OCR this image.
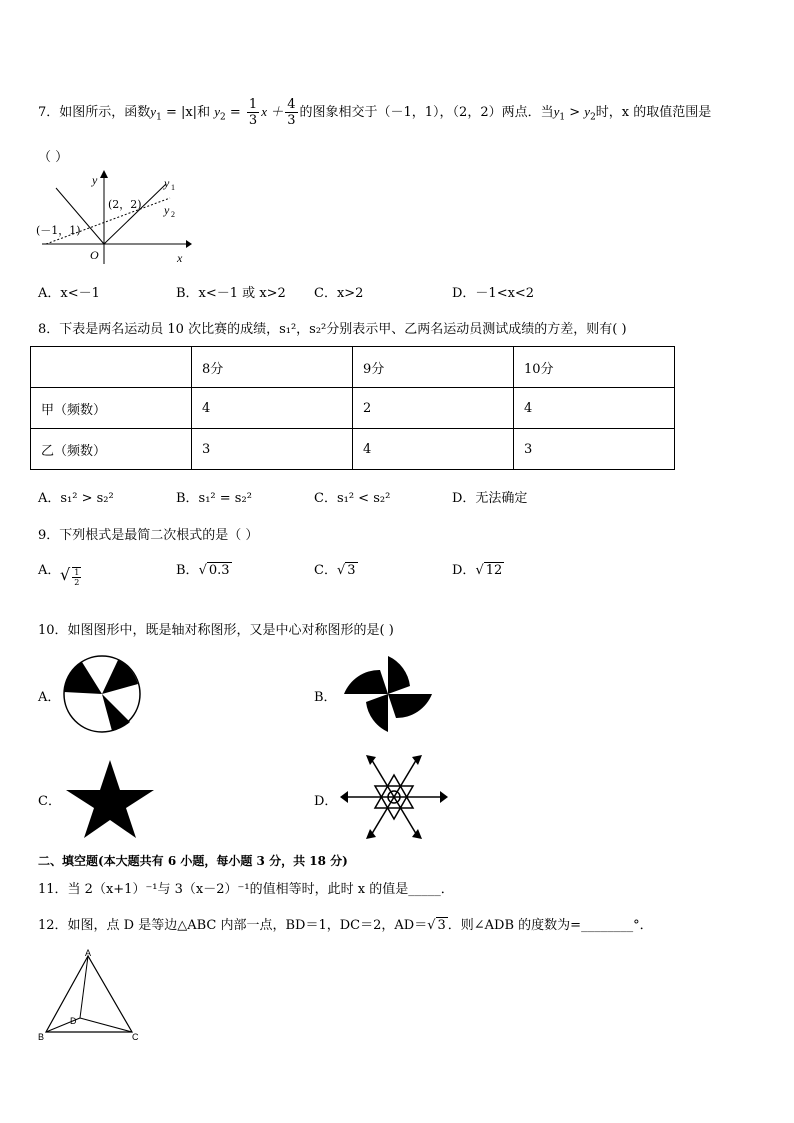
7．如图所示，函数$y_1 = |x|$和 $y_2 = \frac{1}{3}$ $x + \frac{4}{3}$ 的图象相交于（－1，1），（2，2）两点．当$y_1 > y_2$时，x 的取值范围是
（ ）
y
x
O
y 1
y 2
(2，2)
(－1，1)
A．x<－1	B．x<－1 或 x>2 C．x>2	D．－1<x<2
8．下表是两名运动员 10 次比赛的成绩，s₁²，s₂²分别表示甲、乙两名运动员测试成绩的方差，则有( )
	8分	9分	10分
甲（频数）	4	2	4
乙（频数）	3	4	3
A．s₁² > s₂²	B．s₁² = s₂²	C．s₁² < s₂²	D．无法确定
9．下列根式是最简二次根式的是（ ）
A． √ $\frac{1}{2}$	B．√ 0.3	C．√ 3	D．√ 12
10．如图图形中，既是轴对称图形，又是中心对称图形的是( )
A．	B．
C．	D．
二、填空题(本大题共有 6 小题，每小题 3 分，共 18 分)
11．当 2（x+1）⁻¹与 3（x－2）⁻¹的值相等时，此时 x 的值是_____．
12．如图，点 D 是等边△ABC 内部一点，BD＝1，DC＝2，AD＝√ 3 ．则∠ADB 的度数为=________°．
A
B	C
D
